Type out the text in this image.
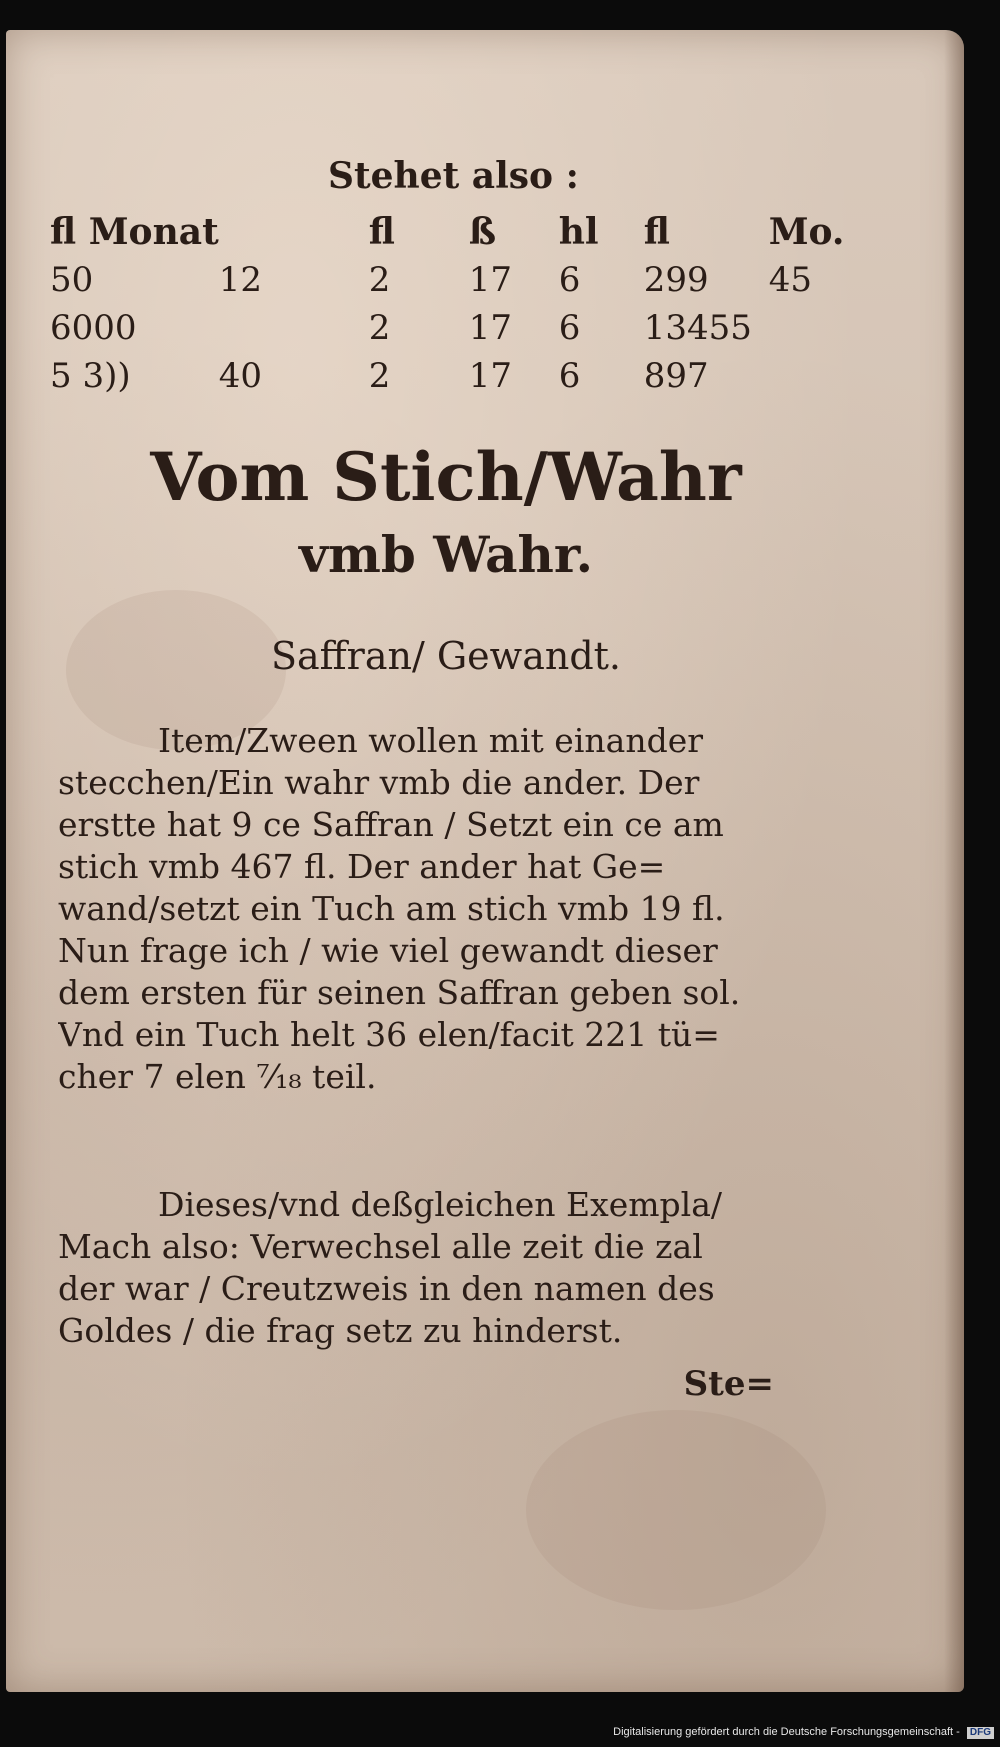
Stehet also :
fl Monat		fl	ß	hl	fl	Mo.
50	12	2	17	6	299	45
6000		2	17	6	13455	
5 3))	40	2	17	6	897	
Vom Stich/Wahr
vmb Wahr.
Saffran/ Gewandt.
Item/Zween wollen mit einander
stecchen/Ein wahr vmb die ander. Der
erstte hat 9 ce Saffran / Setzt ein ce am
stich vmb 467 fl. Der ander hat Ge=
wand/setzt ein Tuch am stich vmb 19 fl.
Nun frage ich / wie viel gewandt dieser
dem ersten für seinen Saffran geben sol.
Vnd ein Tuch helt 36 elen/facit 221 tü=
cher 7 elen ⁷⁄₁₈ teil.
Dieses/vnd deßgleichen Exempla/
Mach also: Verwechsel alle zeit die zal
der war / Creutzweis in den namen des
Goldes / die frag setz zu hinderst.
Ste=
Digitalisierung gefördert durch die Deutsche Forschungsgemeinschaft - DFG
